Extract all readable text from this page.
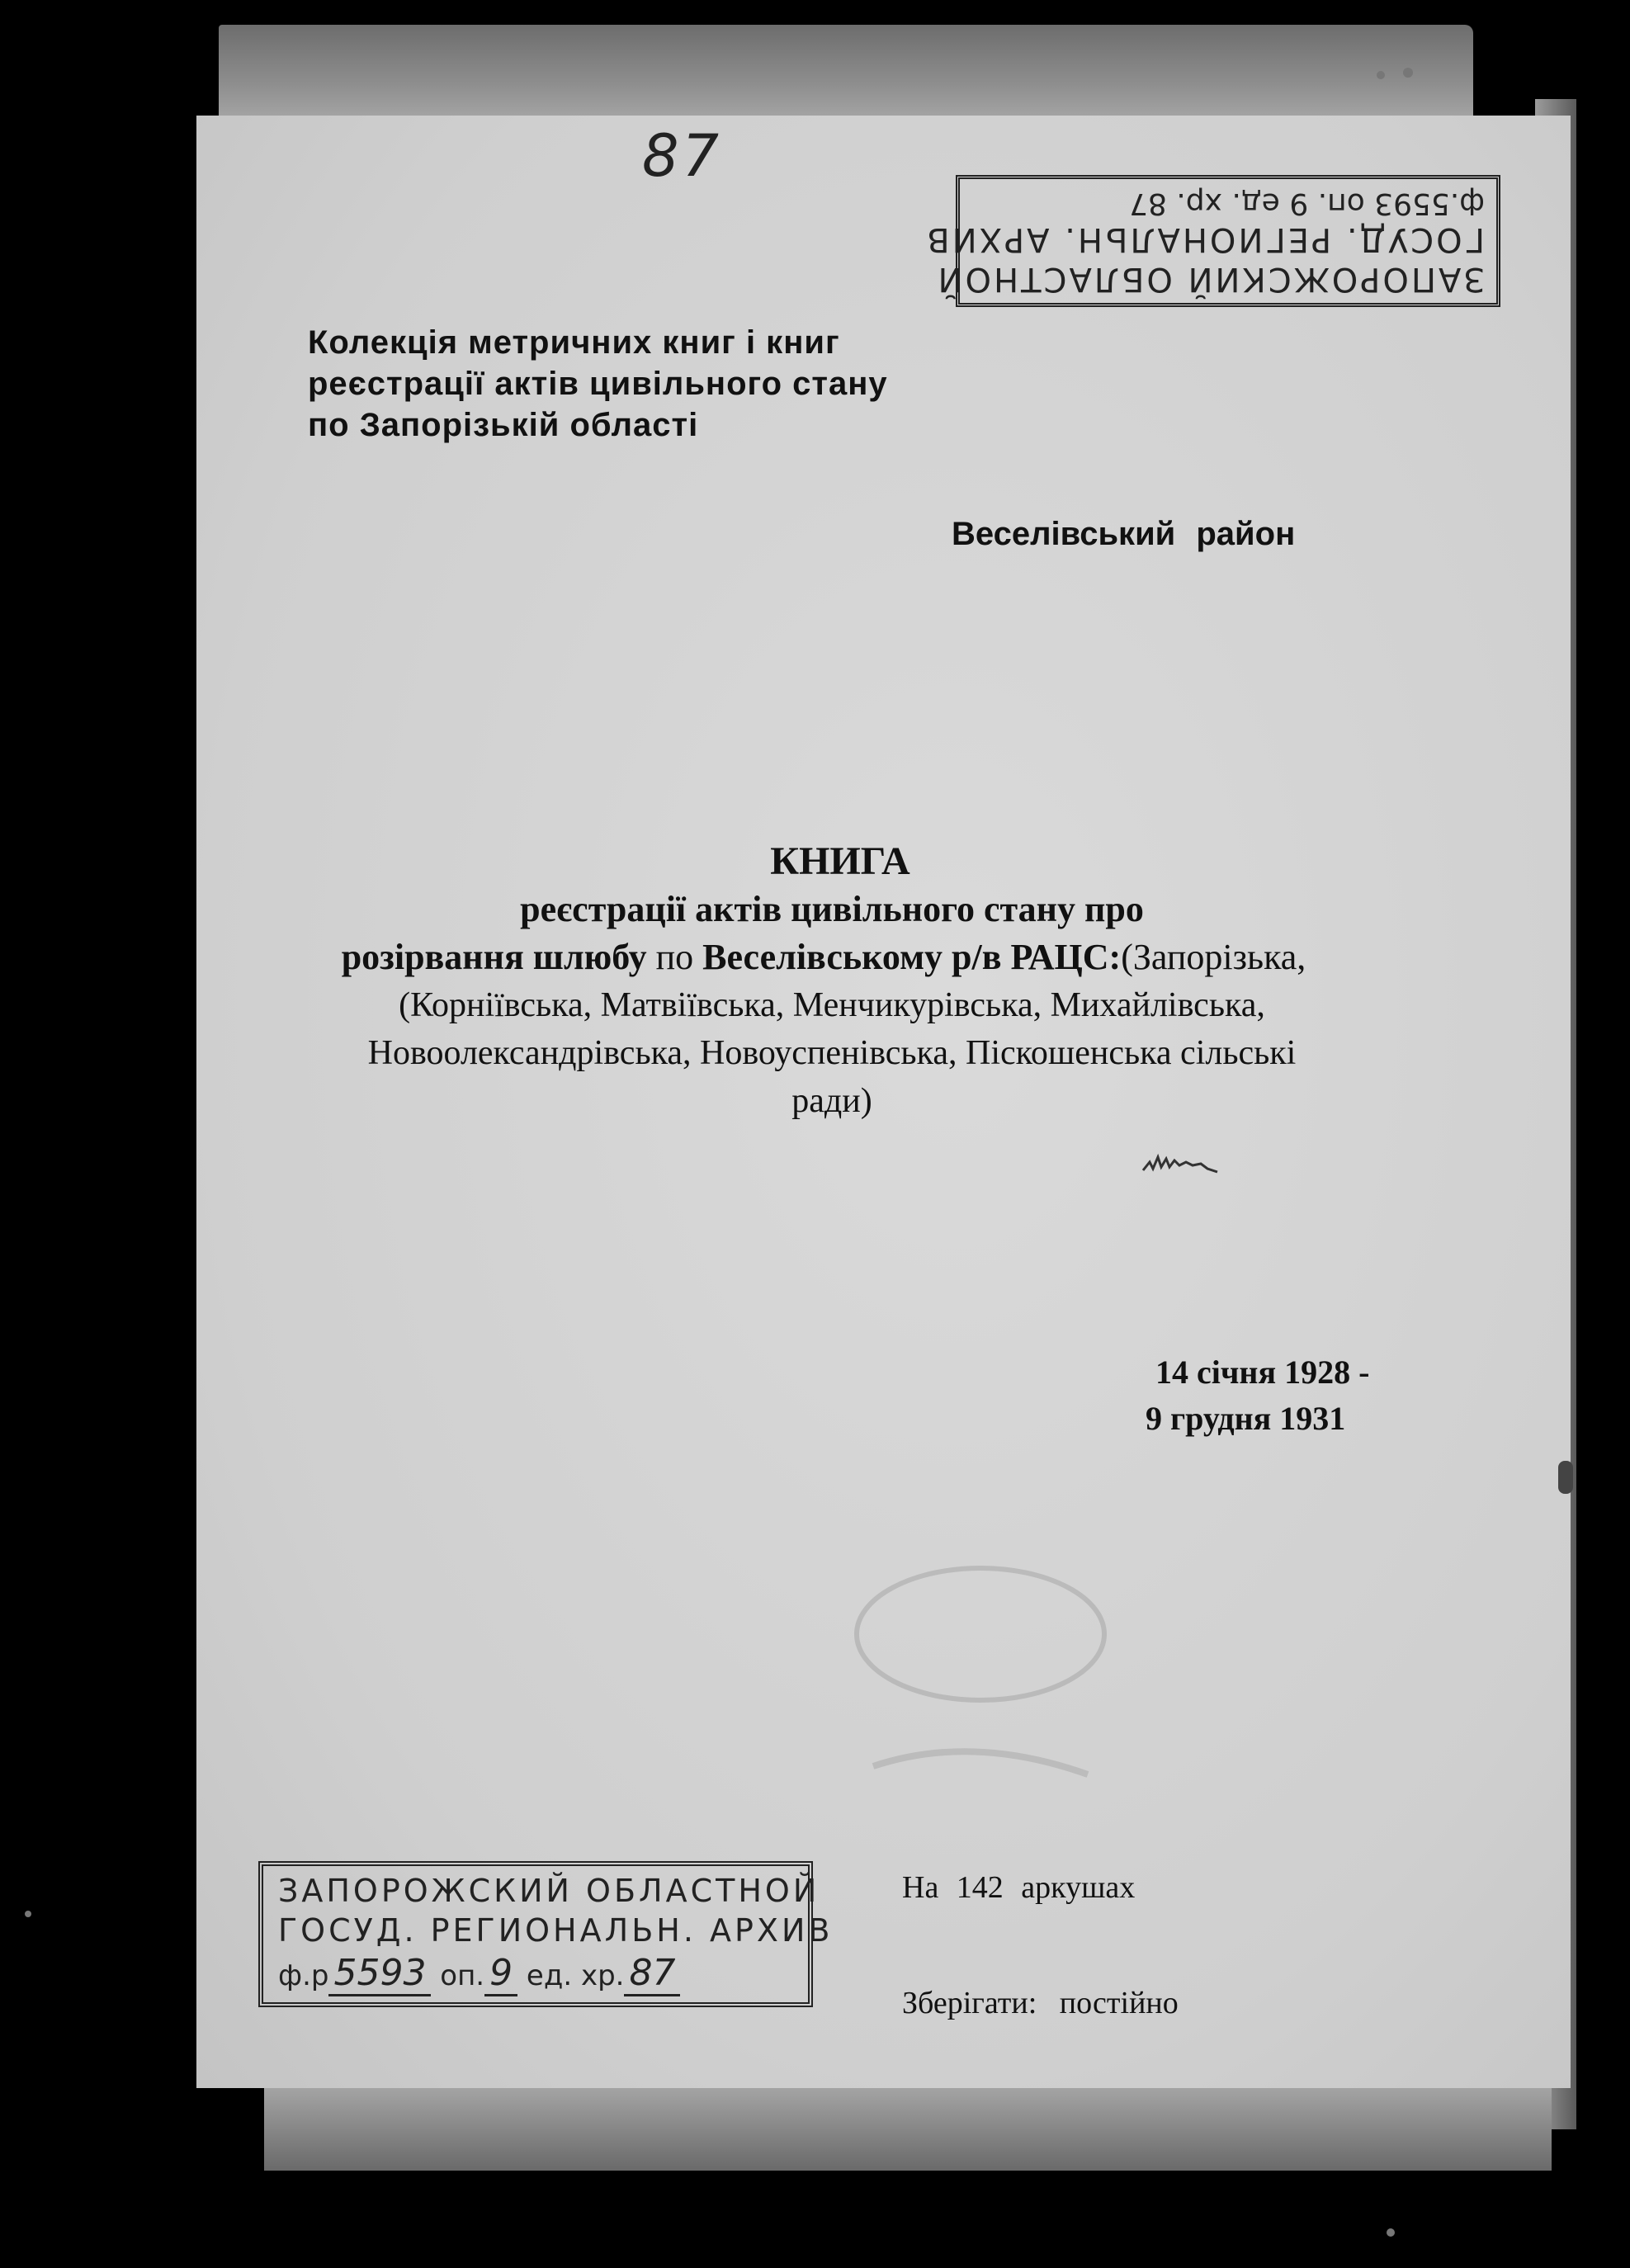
87
ЗАПОРОЖСКИЙ ОБЛАСТНОЙ
ГОСУД. РЕГИОНАЛЬН. АРХИВ
ф.5593 оп. 9 ед. хр. 87
Колекція метричних книг і книг
реєстрації актів цивільного стану
по Запорізькій області
Веселівський район
КНИГА
реєстрації актів цивільного стану про
розірвання шлюбу по Веселівському р/в РАЦС:(Запорізька,
(Корніївська, Матвіївська, Менчикурівська, Михайлівська,
Новоолександрівська, Новоуспенівська, Піскошенська сільські
ради)
14 січня 1928 -
9 грудня 1931
ЗАПОРОЖСКИЙ ОБЛАСТНОЙ
ГОСУД. РЕГИОНАЛЬН. АРХИВ
ф.р 5593 оп. 9 ед. хр. 87
На 142 аркушах
Зберігати: постійно
